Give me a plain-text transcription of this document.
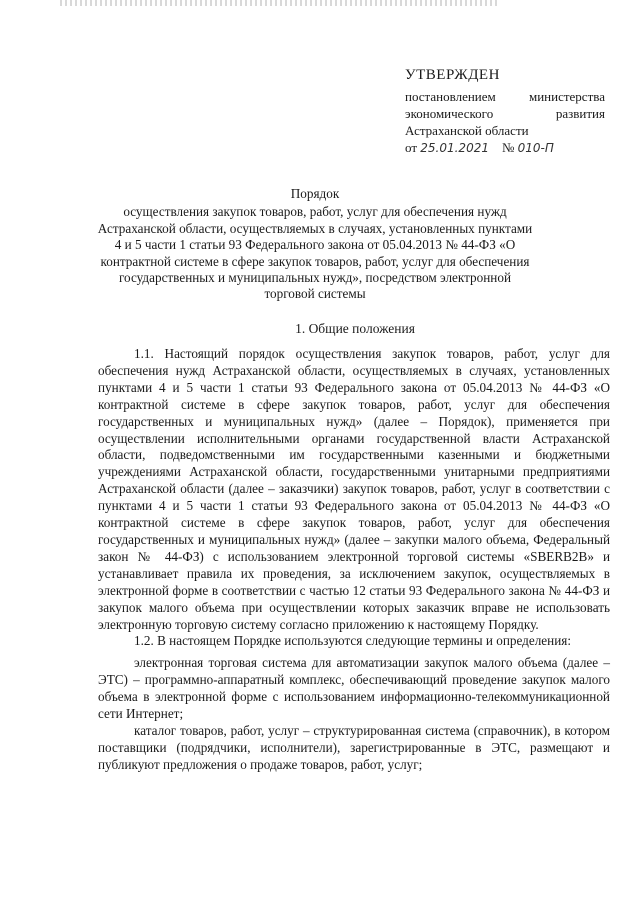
УТВЕРЖДЕН
постановлением	министерства
экономического	развития
Астраханской области
от 25.01.2021 № 010-П
Порядок
осуществления закупок товаров, работ, услуг для обеспечения нужд Астраханской области, осуществляемых в случаях, установленных пунктами 4 и 5 части 1 статьи 93 Федерального закона от 05.04.2013 № 44-ФЗ «О контрактной системе в сфере закупок товаров, работ, услуг для обеспечения государственных и муниципальных нужд», посредством электронной торговой системы
1. Общие положения

1.1. Настоящий порядок осуществления закупок товаров, работ, услуг для обеспечения нужд Астраханской области, осуществляемых в случаях, установленных пунктами 4 и 5 части 1 статьи 93 Федерального закона от 05.04.2013 № 44-ФЗ «О контрактной системе в сфере закупок товаров, работ, услуг для обеспечения государственных и муниципальных нужд» (далее – Порядок), применяется при осуществлении исполнительными органами государственной власти Астраханской области, подведомственными им государственными казенными и бюджетными учреждениями Астраханской области, государственными унитарными предприятиями Астраханской области (далее – заказчики) закупок товаров, работ, услуг в соответствии с пунктами 4 и 5 части 1 статьи 93 Федерального закона от 05.04.2013 № 44-ФЗ «О контрактной системе в сфере закупок товаров, работ, услуг для обеспечения государственных и муниципальных нужд» (далее – закупки малого объема, Федеральный закон № 44-ФЗ) с использованием электронной торговой системы «SBERB2B» и устанавливает правила их проведения, за исключением закупок, осуществляемых в электронной форме в соответствии с частью 12 статьи 93 Федерального закона № 44-ФЗ и закупок малого объема при осуществлении которых заказчик вправе не использовать электронную торговую систему согласно приложению к настоящему Порядку.

1.2. В настоящем Порядке используются следующие термины и определения:

электронная торговая система для автоматизации закупок малого объема (далее – ЭТС) – программно-аппаратный комплекс, обеспечивающий проведение закупок малого объема в электронной форме с использованием информационно-телекоммуникационной сети Интернет;

каталог товаров, работ, услуг – структурированная система (справочник), в котором поставщики (подрядчики, исполнители), зарегистрированные в ЭТС, размещают и публикуют предложения о продаже товаров, работ, услуг;
